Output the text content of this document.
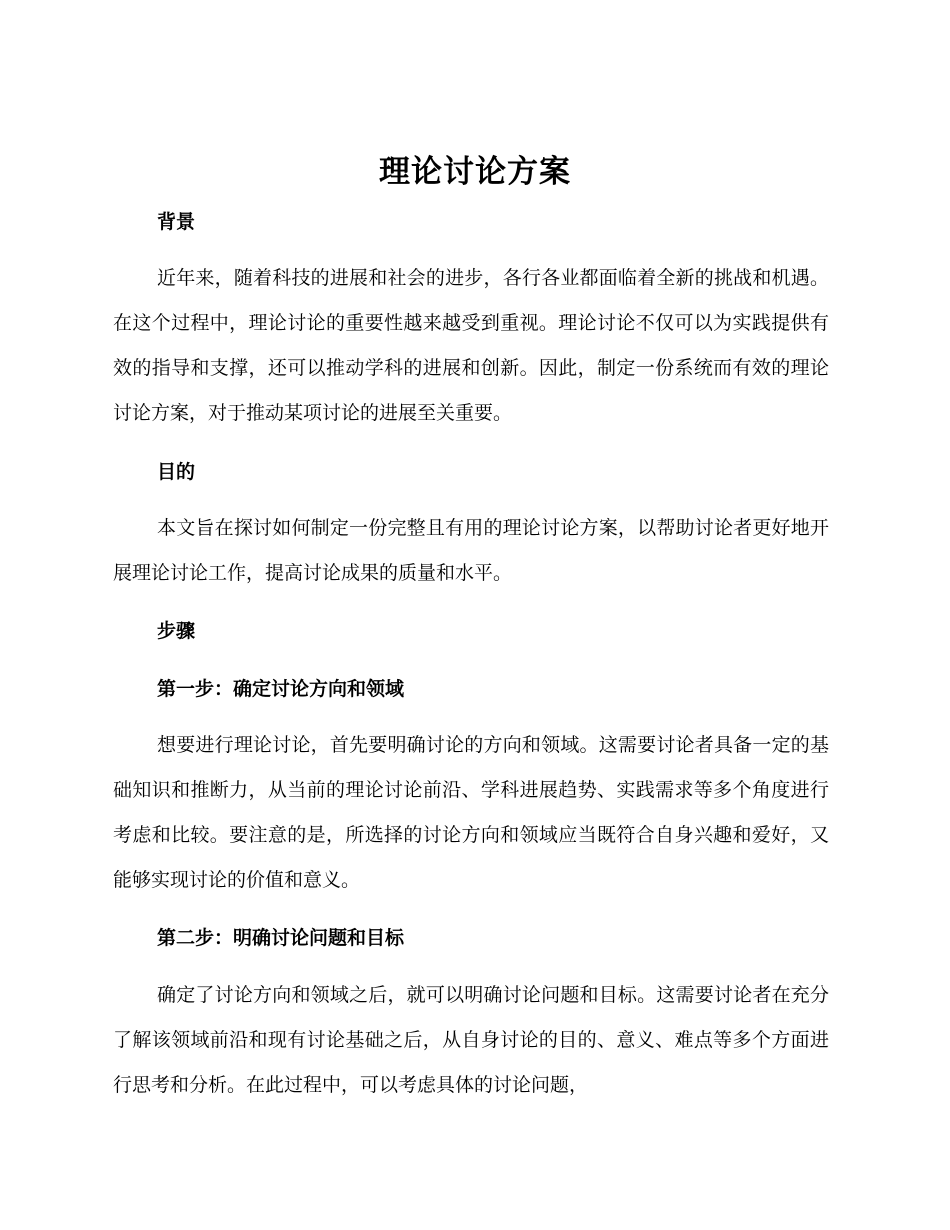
理论讨论方案
背景

近年来，随着科技的进展和社会的进步，各行各业都面临着全新的挑战和机遇。在这个过程中，理论讨论的重要性越来越受到重视。理论讨论不仅可以为实践提供有效的指导和支撑，还可以推动学科的进展和创新。因此，制定一份系统而有效的理论讨论方案，对于推动某项讨论的进展至关重要。

目的

本文旨在探讨如何制定一份完整且有用的理论讨论方案，以帮助讨论者更好地开展理论讨论工作，提高讨论成果的质量和水平。

步骤
第一步：确定讨论方向和领域

想要进行理论讨论，首先要明确讨论的方向和领域。这需要讨论者具备一定的基础知识和推断力，从当前的理论讨论前沿、学科进展趋势、实践需求等多个角度进行考虑和比较。要注意的是，所选择的讨论方向和领域应当既符合自身兴趣和爱好，又能够实现讨论的价值和意义。

第二步：明确讨论问题和目标

确定了讨论方向和领域之后，就可以明确讨论问题和目标。这需要讨论者在充分了解该领域前沿和现有讨论基础之后，从自身讨论的目的、意义、难点等多个方面进行思考和分析。在此过程中，可以考虑具体的讨论问题，
